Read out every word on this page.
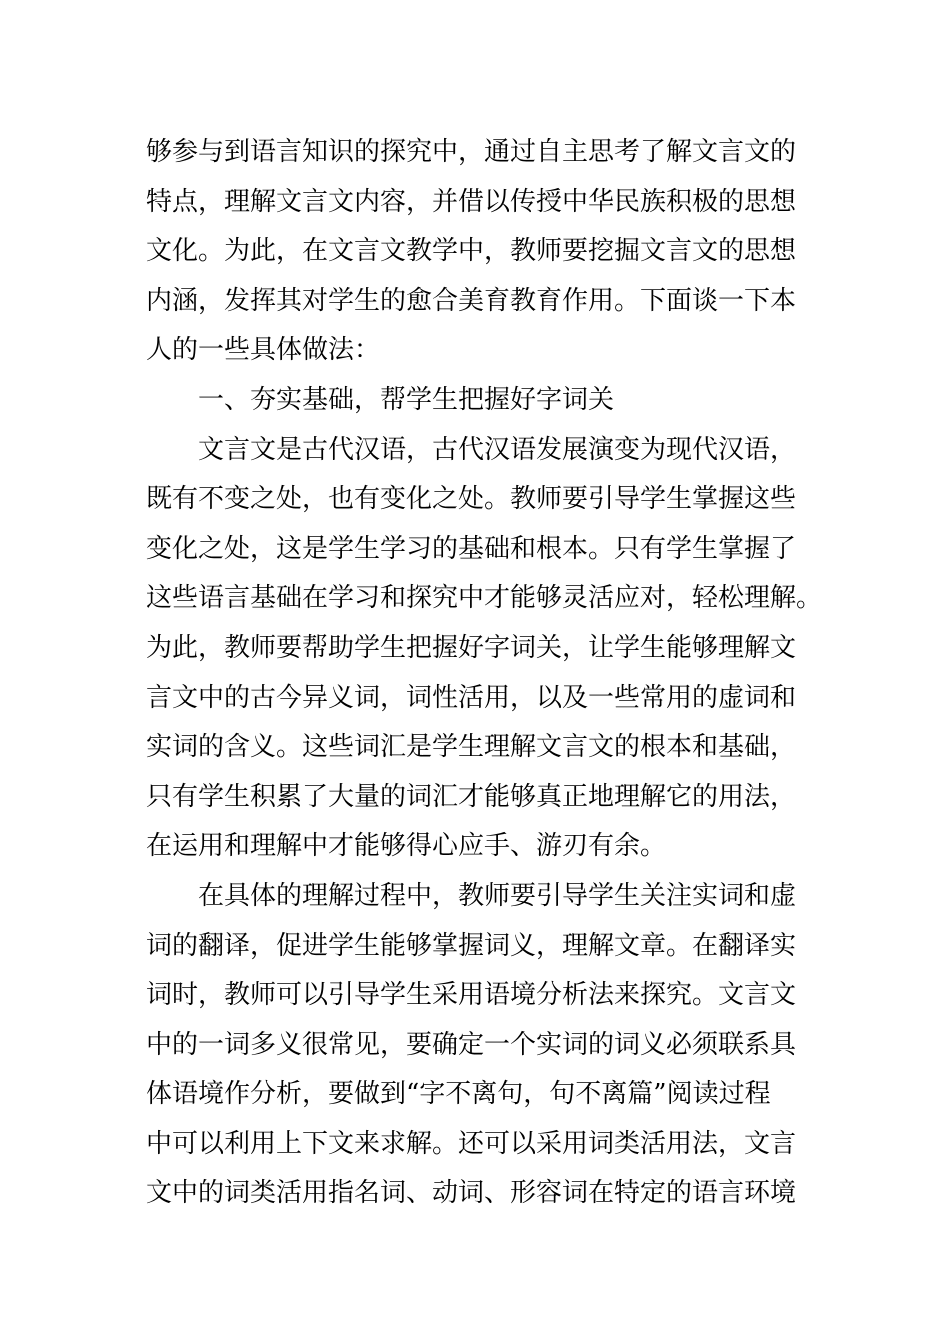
够参与到语言知识的探究中，通过自主思考了解文言文的
特点，理解文言文内容，并借以传授中华民族积极的思想
文化。为此，在文言文教学中，教师要挖掘文言文的思想
内涵，发挥其对学生的愈合美育教育作用。下面谈一下本
人的一些具体做法：
一、夯实基础，帮学生把握好字词关
文言文是古代汉语，古代汉语发展演变为现代汉语，
既有不变之处，也有变化之处。教师要引导学生掌握这些
变化之处，这是学生学习的基础和根本。只有学生掌握了
这些语言基础在学习和探究中才能够灵活应对，轻松理解。
为此，教师要帮助学生把握好字词关，让学生能够理解文
言文中的古今异义词，词性活用，以及一些常用的虚词和
实词的含义。这些词汇是学生理解文言文的根本和基础，
只有学生积累了大量的词汇才能够真正地理解它的用法，
在运用和理解中才能够得心应手、游刃有余。
在具体的理解过程中，教师要引导学生关注实词和虚
词的翻译，促进学生能够掌握词义，理解文章。在翻译实
词时，教师可以引导学生采用语境分析法来探究。文言文
中的一词多义很常见，要确定一个实词的词义必须联系具
体语境作分析，要做到“字不离句，句不离篇”阅读过程
中可以利用上下文来求解。还可以采用词类活用法，文言
文中的词类活用指名词、动词、形容词在特定的语言环境
